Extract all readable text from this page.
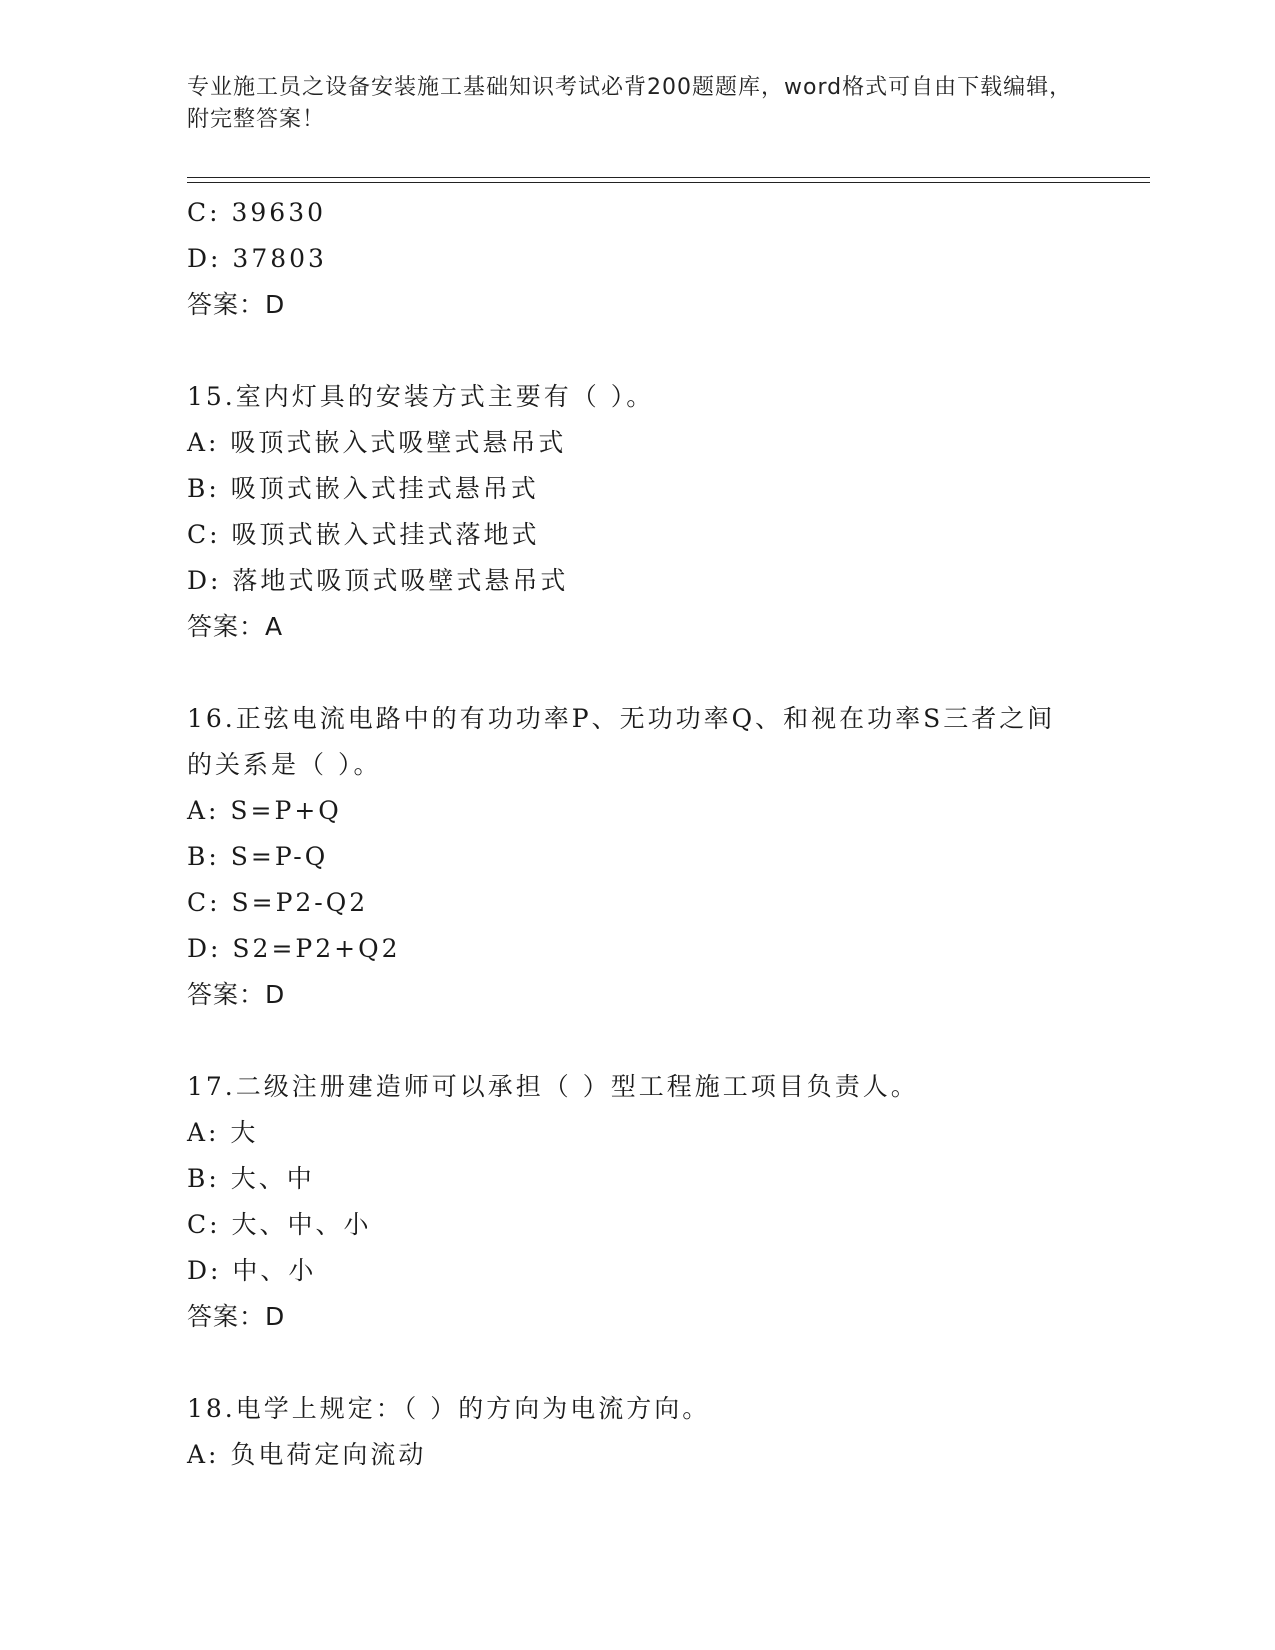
专业施工员之设备安装施工基础知识考试必背200题题库，word格式可自由下载编辑，附完整答案！
C: 39630
D: 37803
答案：D
15.室内灯具的安装方式主要有（ ）。
A: 吸顶式嵌入式吸壁式悬吊式
B: 吸顶式嵌入式挂式悬吊式
C: 吸顶式嵌入式挂式落地式
D: 落地式吸顶式吸壁式悬吊式
答案：A
16.正弦电流电路中的有功功率P、无功功率Q、和视在功率S三者之间的关系是（ ）。
A: S=P+Q
B: S=P-Q
C: S=P2-Q2
D: S2=P2+Q2
答案：D
17.二级注册建造师可以承担（ ）型工程施工项目负责人。
A: 大
B: 大、中
C: 大、中、小
D: 中、小
答案：D
18.电学上规定：（ ）的方向为电流方向。
A: 负电荷定向流动
